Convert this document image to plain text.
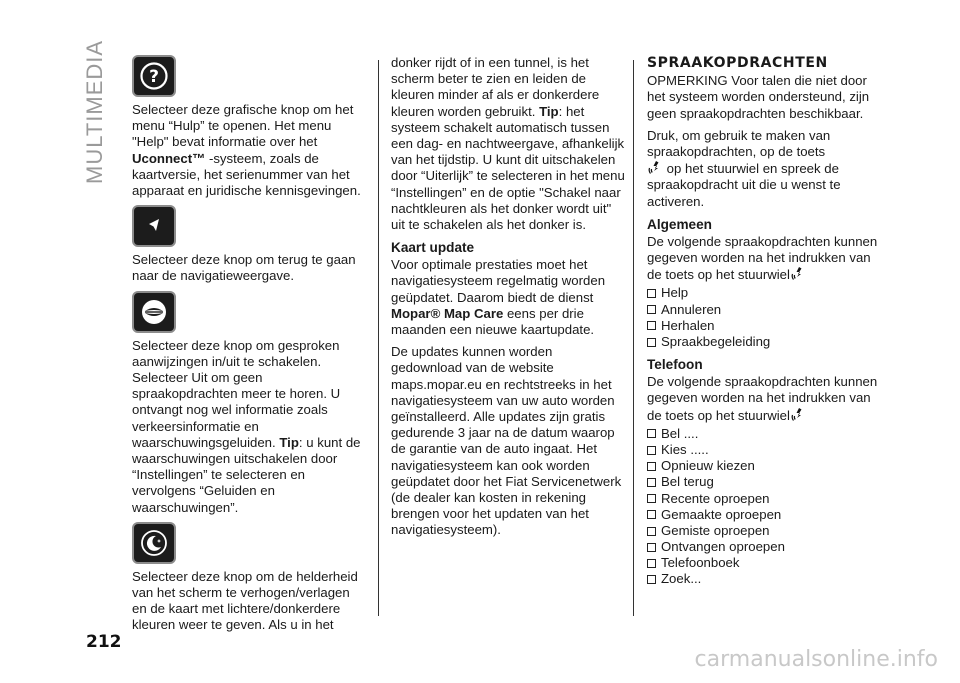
MULTIMEDIA ?

Selecteer deze grafische knop om het menu “Hulp” te openen. Het menu "Help" bevat informatie over het Uconnect™ -systeem, zoals de kaartversie, het serienummer van het apparaat en juridische kennisgevingen.

Selecteer deze knop om terug te gaan naar de navigatieweergave.

Selecteer deze knop om gesproken aanwijzingen in/uit te schakelen. Selecteer Uit om geen spraakopdrachten meer te horen. U ontvangt nog wel informatie zoals verkeersinformatie en waarschuwingsgeluiden. Tip: u kunt de waarschuwingen uitschakelen door “Instellingen” te selecteren en vervolgens “Geluiden en waarschuwingen”.

Selecteer deze knop om de helderheid van het scherm te verhogen/verlagen en de kaart met lichtere/donkerdere kleuren weer te geven. Als u in het

donker rijdt of in een tunnel, is het scherm beter te zien en leiden de kleuren minder af als er donkerdere kleuren worden gebruikt. Tip: het systeem schakelt automatisch tussen een dag- en nachtweergave, afhankelijk van het tijdstip. U kunt dit uitschakelen door “Uiterlijk” te selecteren in het menu “Instellingen” en de optie "Schakel naar nachtkleuren als het donker wordt uit" uit te schakelen als het donker is.

Kaart update

Voor optimale prestaties moet het navigatiesysteem regelmatig worden geüpdatet. Daarom biedt de dienst Mopar® Map Care eens per drie maanden een nieuwe kaartupdate.

De updates kunnen worden gedownload van de website maps.mopar.eu en rechtstreeks in het navigatiesysteem van uw auto worden geïnstalleerd. Alle updates zijn gratis gedurende 3 jaar na de datum waarop de garantie van de auto ingaat. Het navigatiesysteem kan ook worden geüpdatet door het Fiat Servicenetwerk (de dealer kan kosten in rekening brengen voor het updaten van het navigatiesysteem).

SPRAAKOPDRACHTEN

OPMERKING Voor talen die niet door het systeem worden ondersteund, zijn geen spraakopdrachten beschikbaar.

Druk, om gebruik te maken van spraakopdrachten, op de toets
op het stuurwiel en spreek de spraakopdracht uit die u wenst te activeren.

Algemeen

De volgende spraakopdrachten kunnen gegeven worden na het indrukken van de toets op het stuurwiel

Help
Annuleren
Herhalen
Spraakbegeleiding
Telefoon

De volgende spraakopdrachten kunnen gegeven worden na het indrukken van de toets op het stuurwiel

Bel ....
Kies .....
Opnieuw kiezen
Bel terug
Recente oproepen
Gemaakte oproepen
Gemiste oproepen
Ontvangen oproepen
Telefoonboek
Zoek...
212
carmanualsonline.info
